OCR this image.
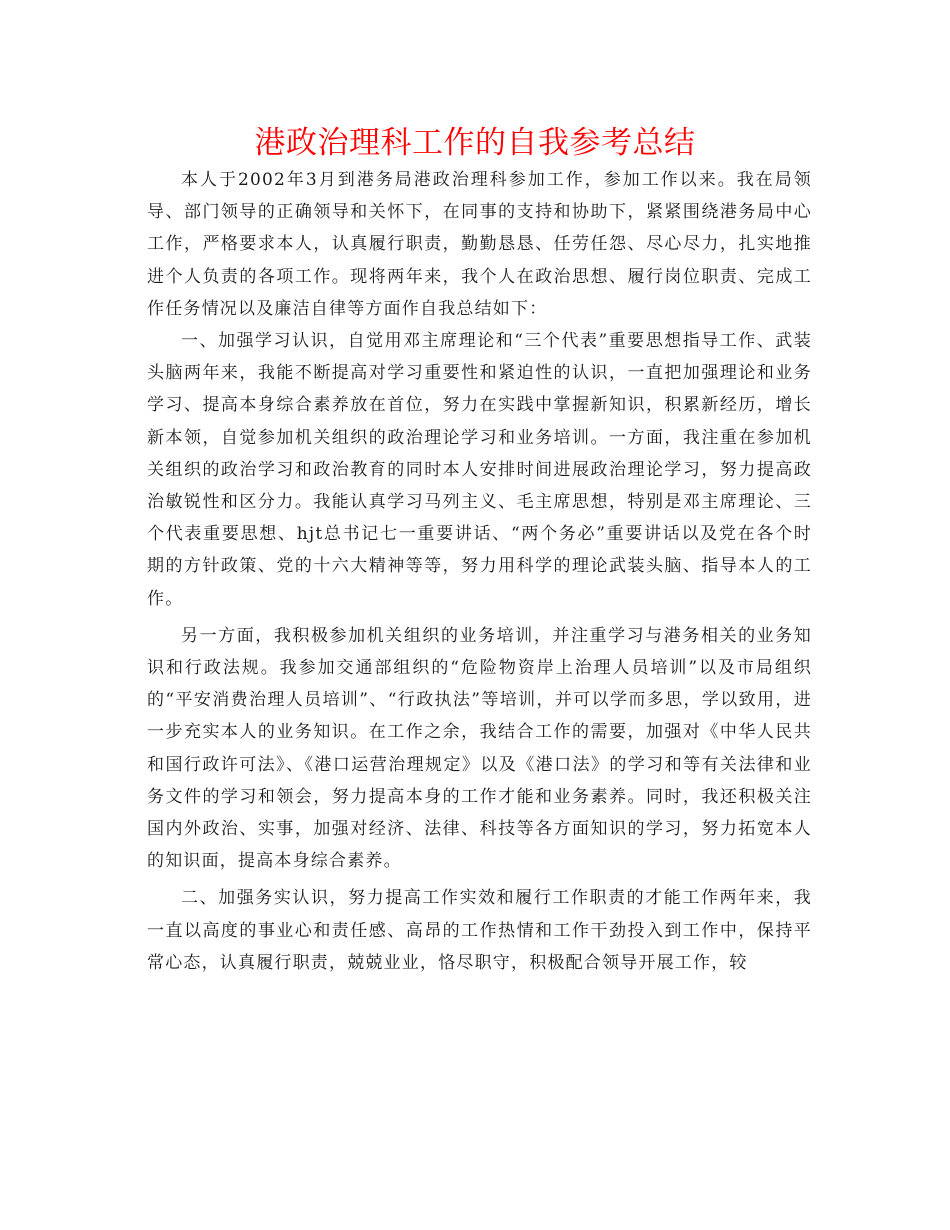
港政治理科工作的自我参考总结

本人于2002年3月到港务局港政治理科参加工作，参加工作以来。我在局领导、部门领导的正确领导和关怀下，在同事的支持和协助下，紧紧围绕港务局中心工作，严格要求本人，认真履行职责，勤勤恳恳、任劳任怨、尽心尽力，扎实地推进个人负责的各项工作。现将两年来，我个人在政治思想、履行岗位职责、完成工作任务情况以及廉洁自律等方面作自我总结如下：

一、加强学习认识，自觉用邓主席理论和“三个代表”重要思想指导工作、武装头脑两年来，我能不断提高对学习重要性和紧迫性的认识，一直把加强理论和业务学习、提高本身综合素养放在首位，努力在实践中掌握新知识，积累新经历，增长新本领，自觉参加机关组织的政治理论学习和业务培训。一方面，我注重在参加机关组织的政治学习和政治教育的同时本人安排时间进展政治理论学习，努力提高政治敏锐性和区分力。我能认真学习马列主义、毛主席思想，特别是邓主席理论、三个代表重要思想、hjt总书记七一重要讲话、“两个务必”重要讲话以及党在各个时期的方针政策、党的十六大精神等等，努力用科学的理论武装头脑、指导本人的工作。

另一方面，我积极参加机关组织的业务培训，并注重学习与港务相关的业务知识和行政法规。我参加交通部组织的“危险物资岸上治理人员培训”以及市局组织的“平安消费治理人员培训”、“行政执法”等培训，并可以学而多思，学以致用，进一步充实本人的业务知识。在工作之余，我结合工作的需要，加强对《中华人民共和国行政许可法》、《港口运营治理规定》以及《港口法》的学习和等有关法律和业务文件的学习和领会，努力提高本身的工作才能和业务素养。同时，我还积极关注国内外政治、实事，加强对经济、法律、科技等各方面知识的学习，努力拓宽本人的知识面，提高本身综合素养。

二、加强务实认识，努力提高工作实效和履行工作职责的才能工作两年来，我一直以高度的事业心和责任感、高昂的工作热情和工作干劲投入到工作中，保持平常心态，认真履行职责，兢兢业业，恪尽职守，积极配合领导开展工作，较
